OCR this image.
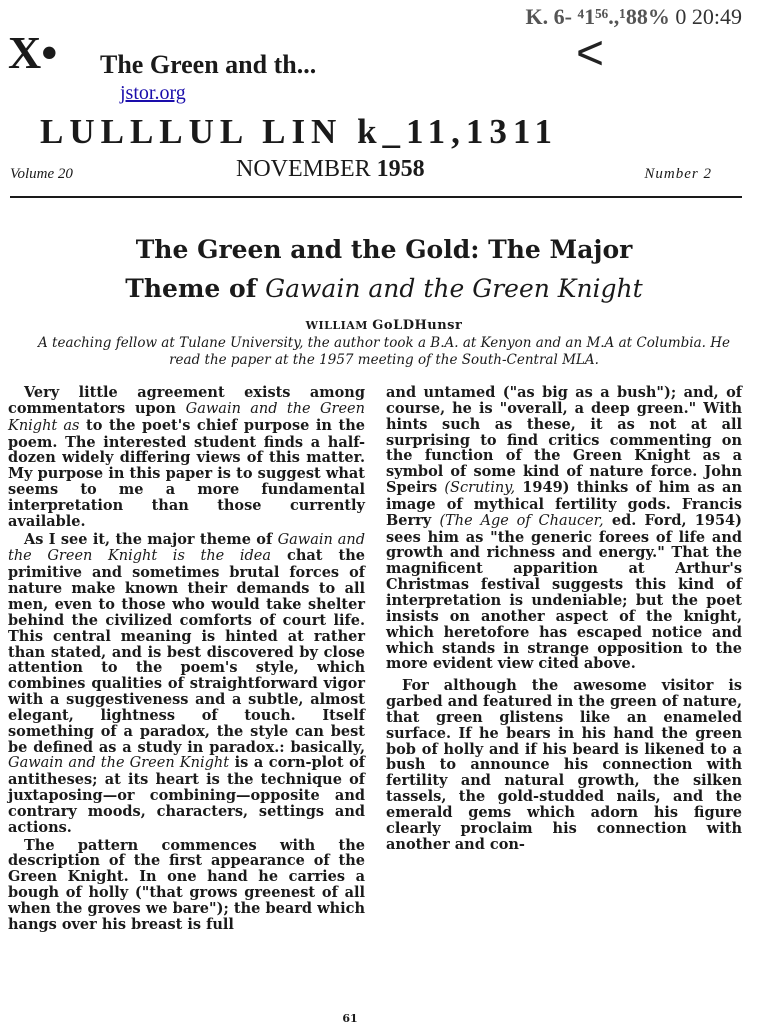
K. 6- ⁴1⁵⁶.,¹88% 0 20:49
X• The Green and th...	<
jstor.org
LULLLUL LIN k_11,1311
Volume 20	NOVEMBER 1958	Number 2
The Green and the Gold: The Major
Theme of Gawain and the Green Knight
WILLIAM GoLDHunsr
A teaching fellow at Tulane University, the author took a B.A. at Kenyon and an M.A at Columbia. He read the paper at the 1957 meeting of the South-Central MLA.

Very little agreement exists among commentators upon Gawain and the Green Knight as to the poet's chief purpose in the poem. The interested student finds a half-dozen widely differing views of this matter. My purpose in this paper is to suggest what seems to me a more fundamental interpretation than those currently available.

As I see it, the major theme of Gawain and the Green Knight is the idea chat the primitive and sometimes brutal forces of nature make known their demands to all men, even to those who would take shelter behind the civilized comforts of court life. This central meaning is hinted at rather than stated, and is best discovered by close attention to the poem's style, which combines qualities of straightforward vigor with a suggestiveness and a subtle, almost elegant, lightness of touch. Itself something of a paradox, the style can best be defined as a study in paradox.: basically, Gawain and the Green Knight is a corn-plot of antitheses; at its heart is the technique of juxtaposing—or combining—opposite and contrary moods, characters, settings and actions.

The pattern commences with the description of the first appearance of the Green Knight. In one hand he carries a bough of holly ("that grows greenest of all when the groves we bare"); the beard which hangs over his breast is full

and untamed ("as big as a bush"); and, of course, he is "overall, a deep green." With hints such as these, it as not at all surprising to find critics commenting on the function of the Green Knight as a symbol of some kind of nature force. John Speirs (Scrutiny, 1949) thinks of him as an image of mythical fertility gods. Francis Berry (The Age of Chaucer, ed. Ford, 1954) sees him as "the generic forees of life and growth and richness and energy." That the magnificent apparition at Arthur's Christmas festival suggests this kind of interpretation is undeniable; but the poet insists on another aspect of the knight, which heretofore has escaped notice and which stands in strange opposition to the more evident view cited above.

For although the awesome visitor is garbed and featured in the green of nature, that green glistens like an enameled surface. If he bears in his hand the green bob of holly and if his beard is likened to a bush to announce his connection with fertility and natural growth, the silken tassels, the gold-studded nails, and the emerald gems which adorn his figure clearly proclaim his connection with another and con-

61
